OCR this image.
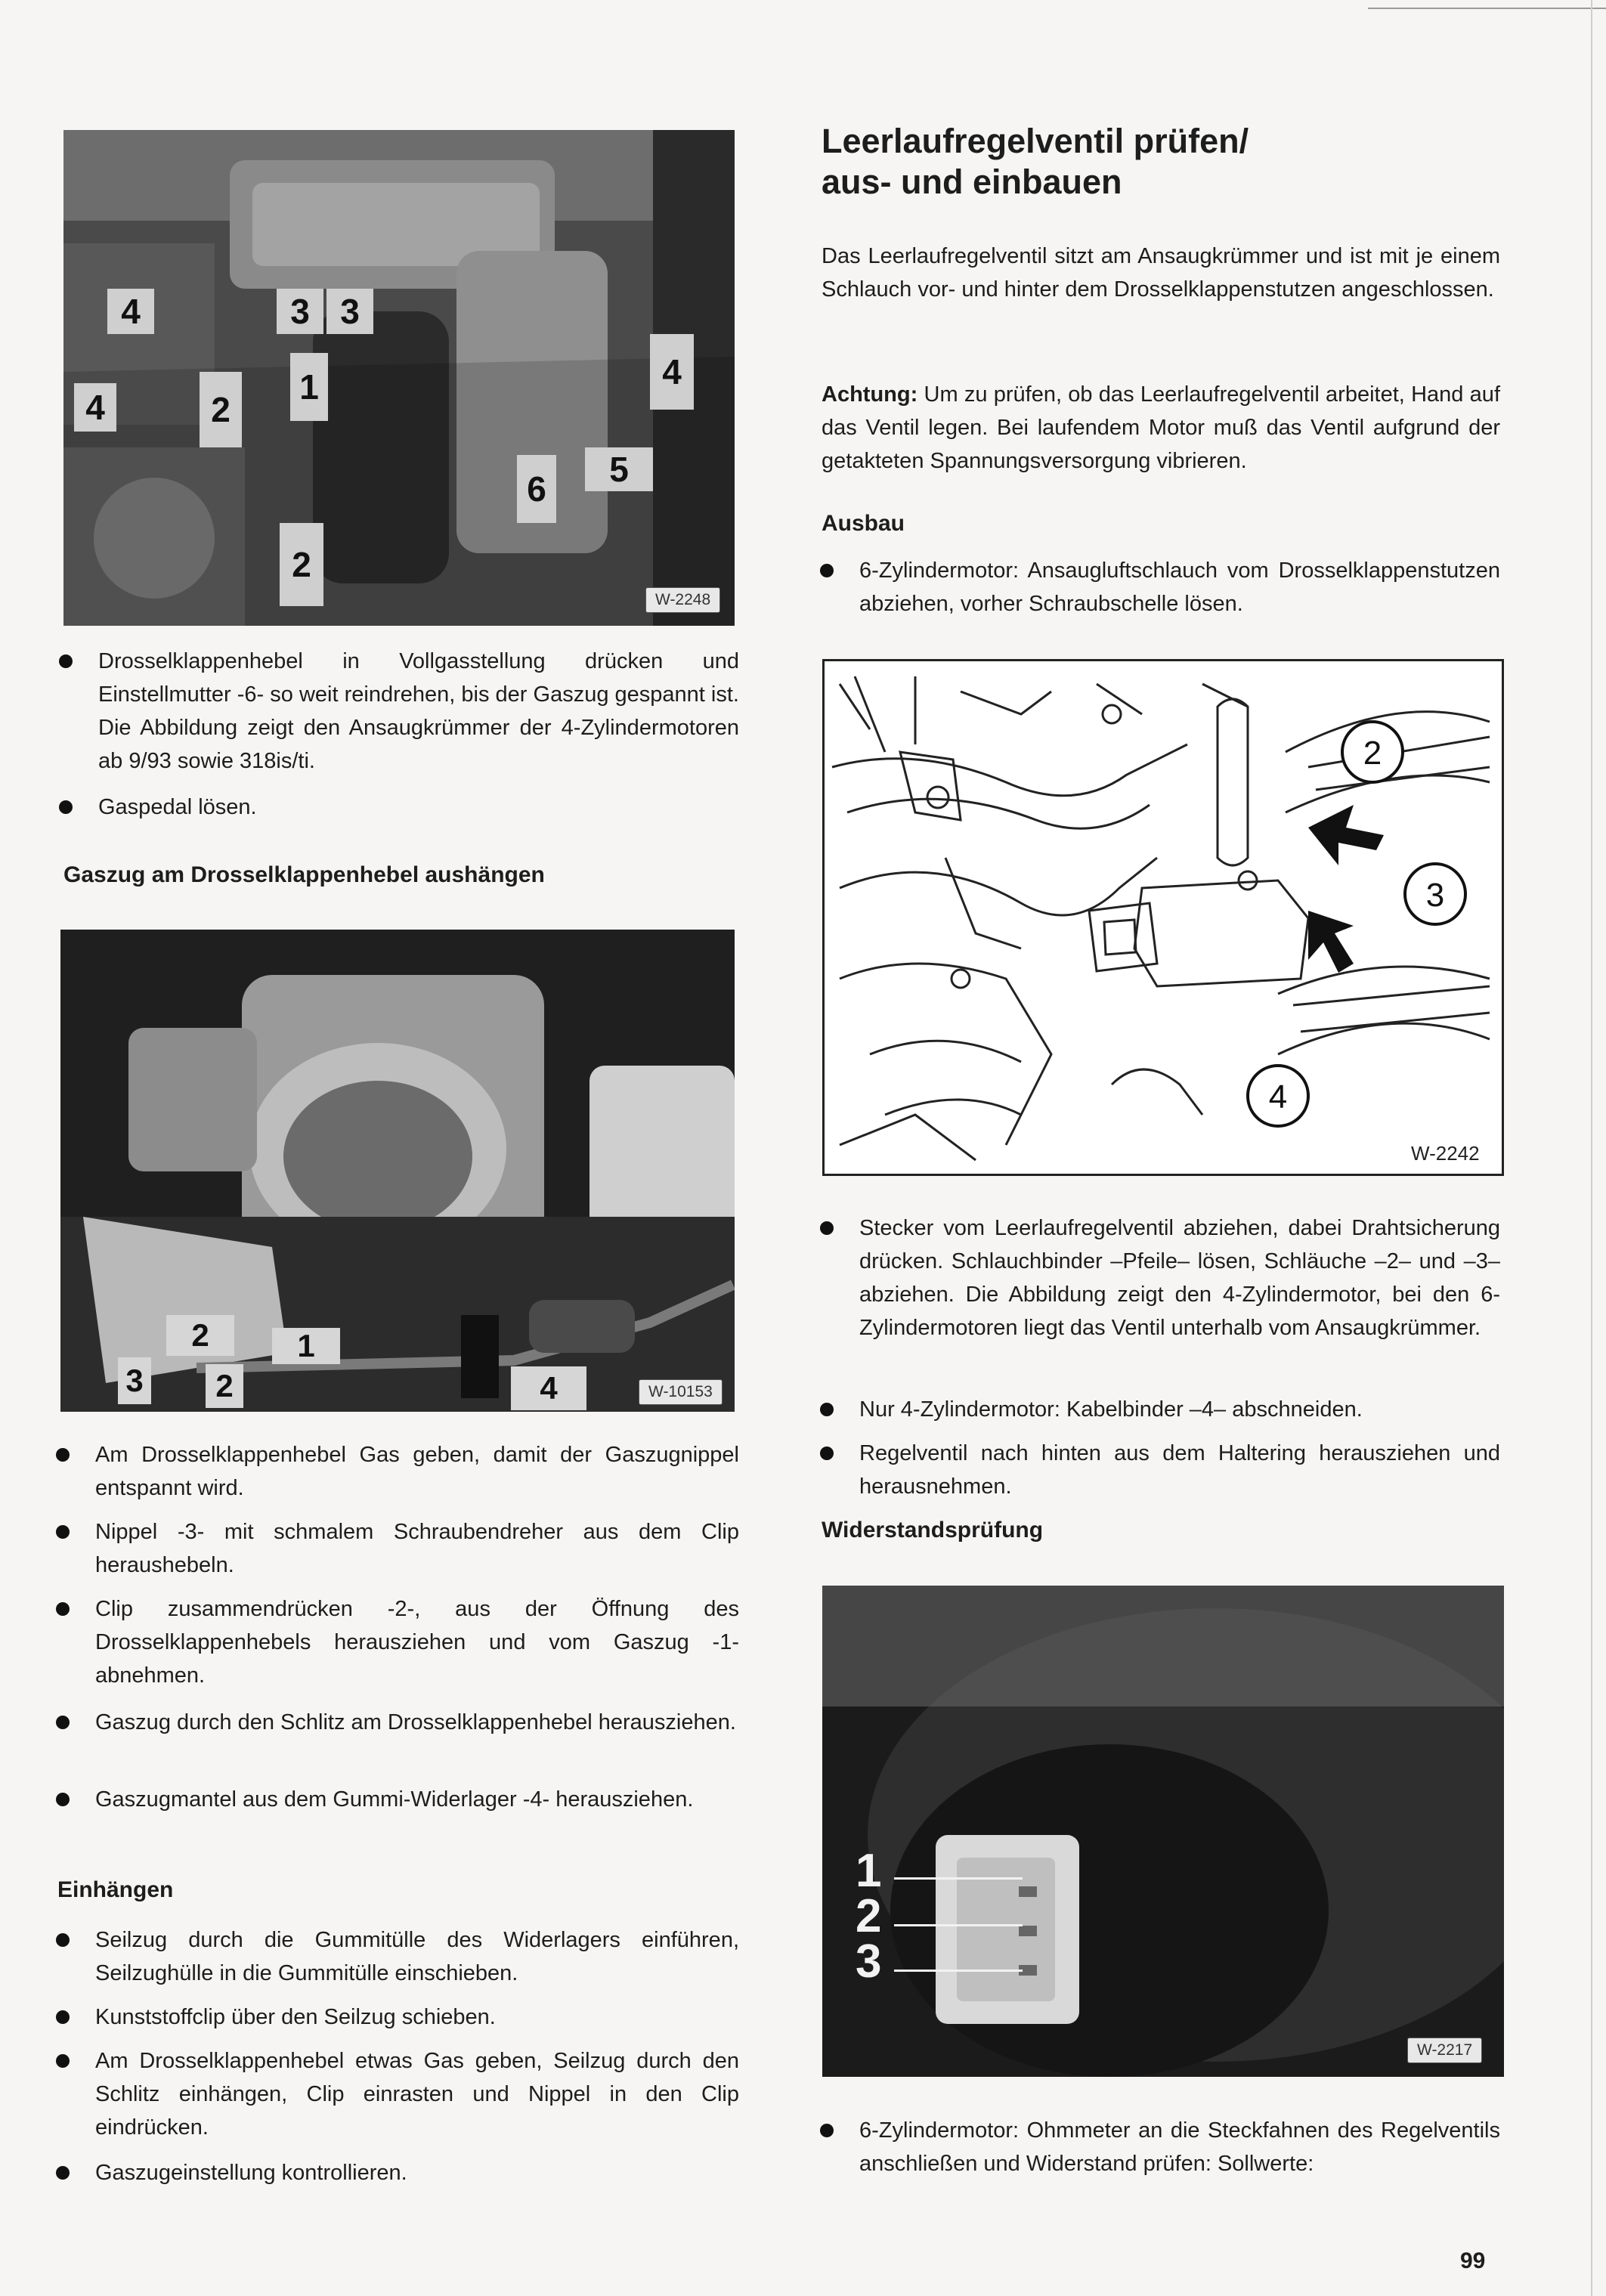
4	3 3
4	2
1	4
6	5
2
W-2248
Drosselklappenhebel in Vollgasstellung drücken und Einstellmutter -6- so weit reindrehen, bis der Gaszug gespannt ist. Die Abbildung zeigt den Ansaugkrümmer der 4-Zylindermotoren ab 9/93 sowie 318is/ti.
Gaspedal lösen.
Gaszug am Drosselklappenhebel aushängen
2	1
3	2	4	W-10153
Am Drosselklappenhebel Gas geben, damit der Gaszugnippel entspannt wird.
Nippel -3- mit schmalem Schraubendreher aus dem Clip heraushebeln.
Clip zusammendrücken -2-, aus der Öffnung des Drosselklappenhebels herausziehen und vom Gaszug -1- abnehmen.
Gaszug durch den Schlitz am Drosselklappenhebel herausziehen.
Gaszugmantel aus dem Gummi-Widerlager -4- herausziehen.
Einhängen
Seilzug durch die Gummitülle des Widerlagers einführen, Seilzughülle in die Gummitülle einschieben.
Kunststoffclip über den Seilzug schieben.
Am Drosselklappenhebel etwas Gas geben, Seilzug durch den Schlitz einhängen, Clip einrasten und Nippel in den Clip eindrücken.
Gaszugeinstellung kontrollieren.
Leerlaufregelventil prüfen/
aus- und einbauen
Das Leerlaufregelventil sitzt am Ansaugkrümmer und ist mit je einem Schlauch vor- und hinter dem Drosselklappenstutzen angeschlossen.
Achtung: Um zu prüfen, ob das Leerlaufregelventil arbeitet, Hand auf das Ventil legen. Bei laufendem Motor muß das Ventil aufgrund der getakteten Spannungsversorgung vibrieren.
Ausbau
6-Zylindermotor: Ansaugluftschlauch vom Drosselklappenstutzen abziehen, vorher Schraubschelle lösen.
2
3
4
W-2242
Stecker vom Leerlaufregelventil abziehen, dabei Drahtsicherung drücken. Schlauchbinder –Pfeile– lösen, Schläuche –2– und –3– abziehen. Die Abbildung zeigt den 4-Zylindermotor, bei den 6-Zylindermotoren liegt das Ventil unterhalb vom Ansaugkrümmer.
Nur 4-Zylindermotor: Kabelbinder –4– abschneiden.
Regelventil nach hinten aus dem Haltering herausziehen und herausnehmen.
Widerstandsprüfung
1
2
3
W-2217
6-Zylindermotor: Ohmmeter an die Steckfahnen des Regelventils anschließen und Widerstand prüfen: Sollwerte:
99
